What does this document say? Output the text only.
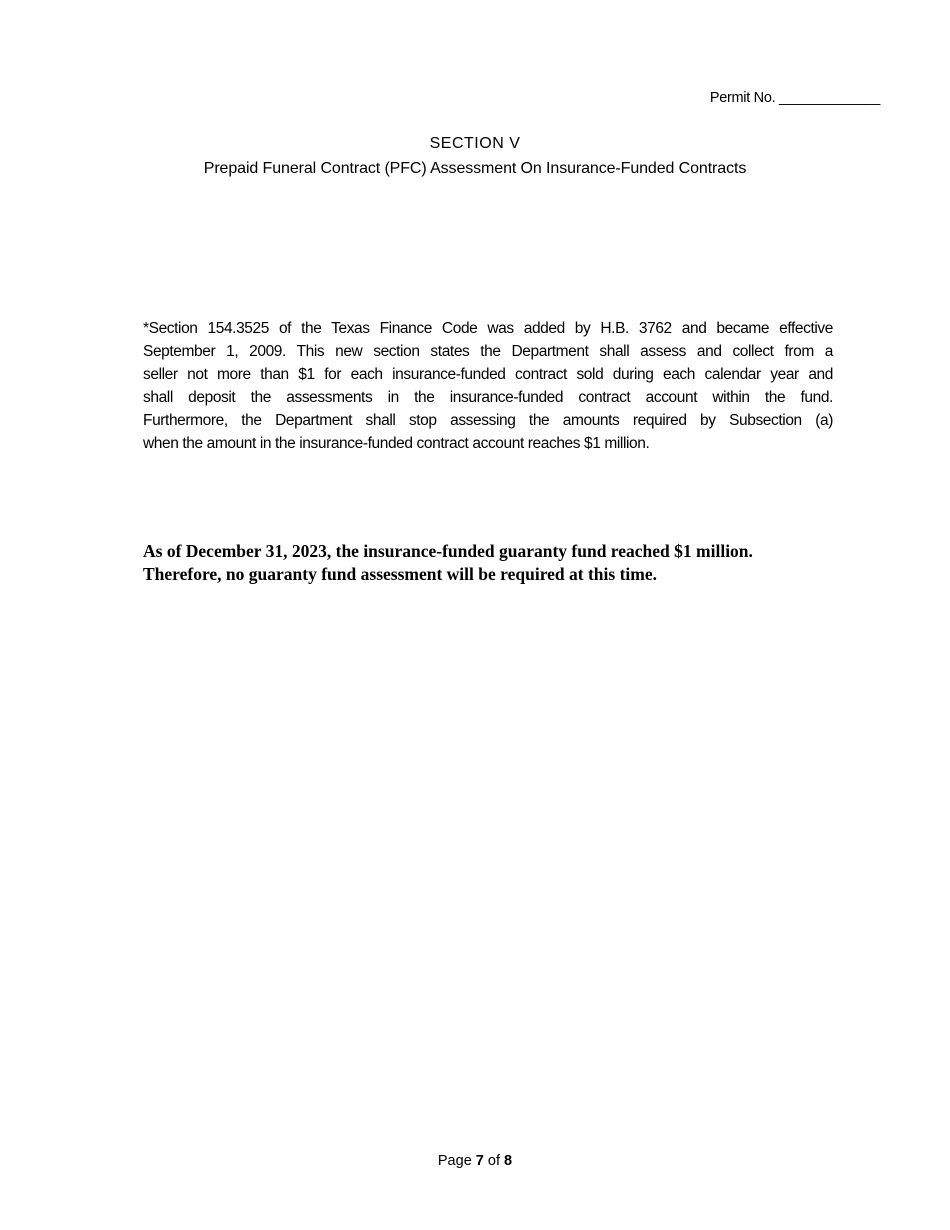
Permit No. _____________
SECTION V
Prepaid Funeral Contract (PFC) Assessment On Insurance-Funded Contracts
*Section 154.3525 of the Texas Finance Code was added by H.B. 3762 and became effective
September 1, 2009. This new section states the Department shall assess and collect from a
seller not more than $1 for each insurance-funded contract sold during each calendar year and
shall deposit the assessments in the insurance-funded contract account within the fund.
Furthermore, the Department shall stop assessing the amounts required by Subsection (a)
when the amount in the insurance-funded contract account reaches $1 million.
As of December 31, 2023, the insurance-funded guaranty fund reached $1 million.
Therefore, no guaranty fund assessment will be required at this time.
Page 7 of 8
